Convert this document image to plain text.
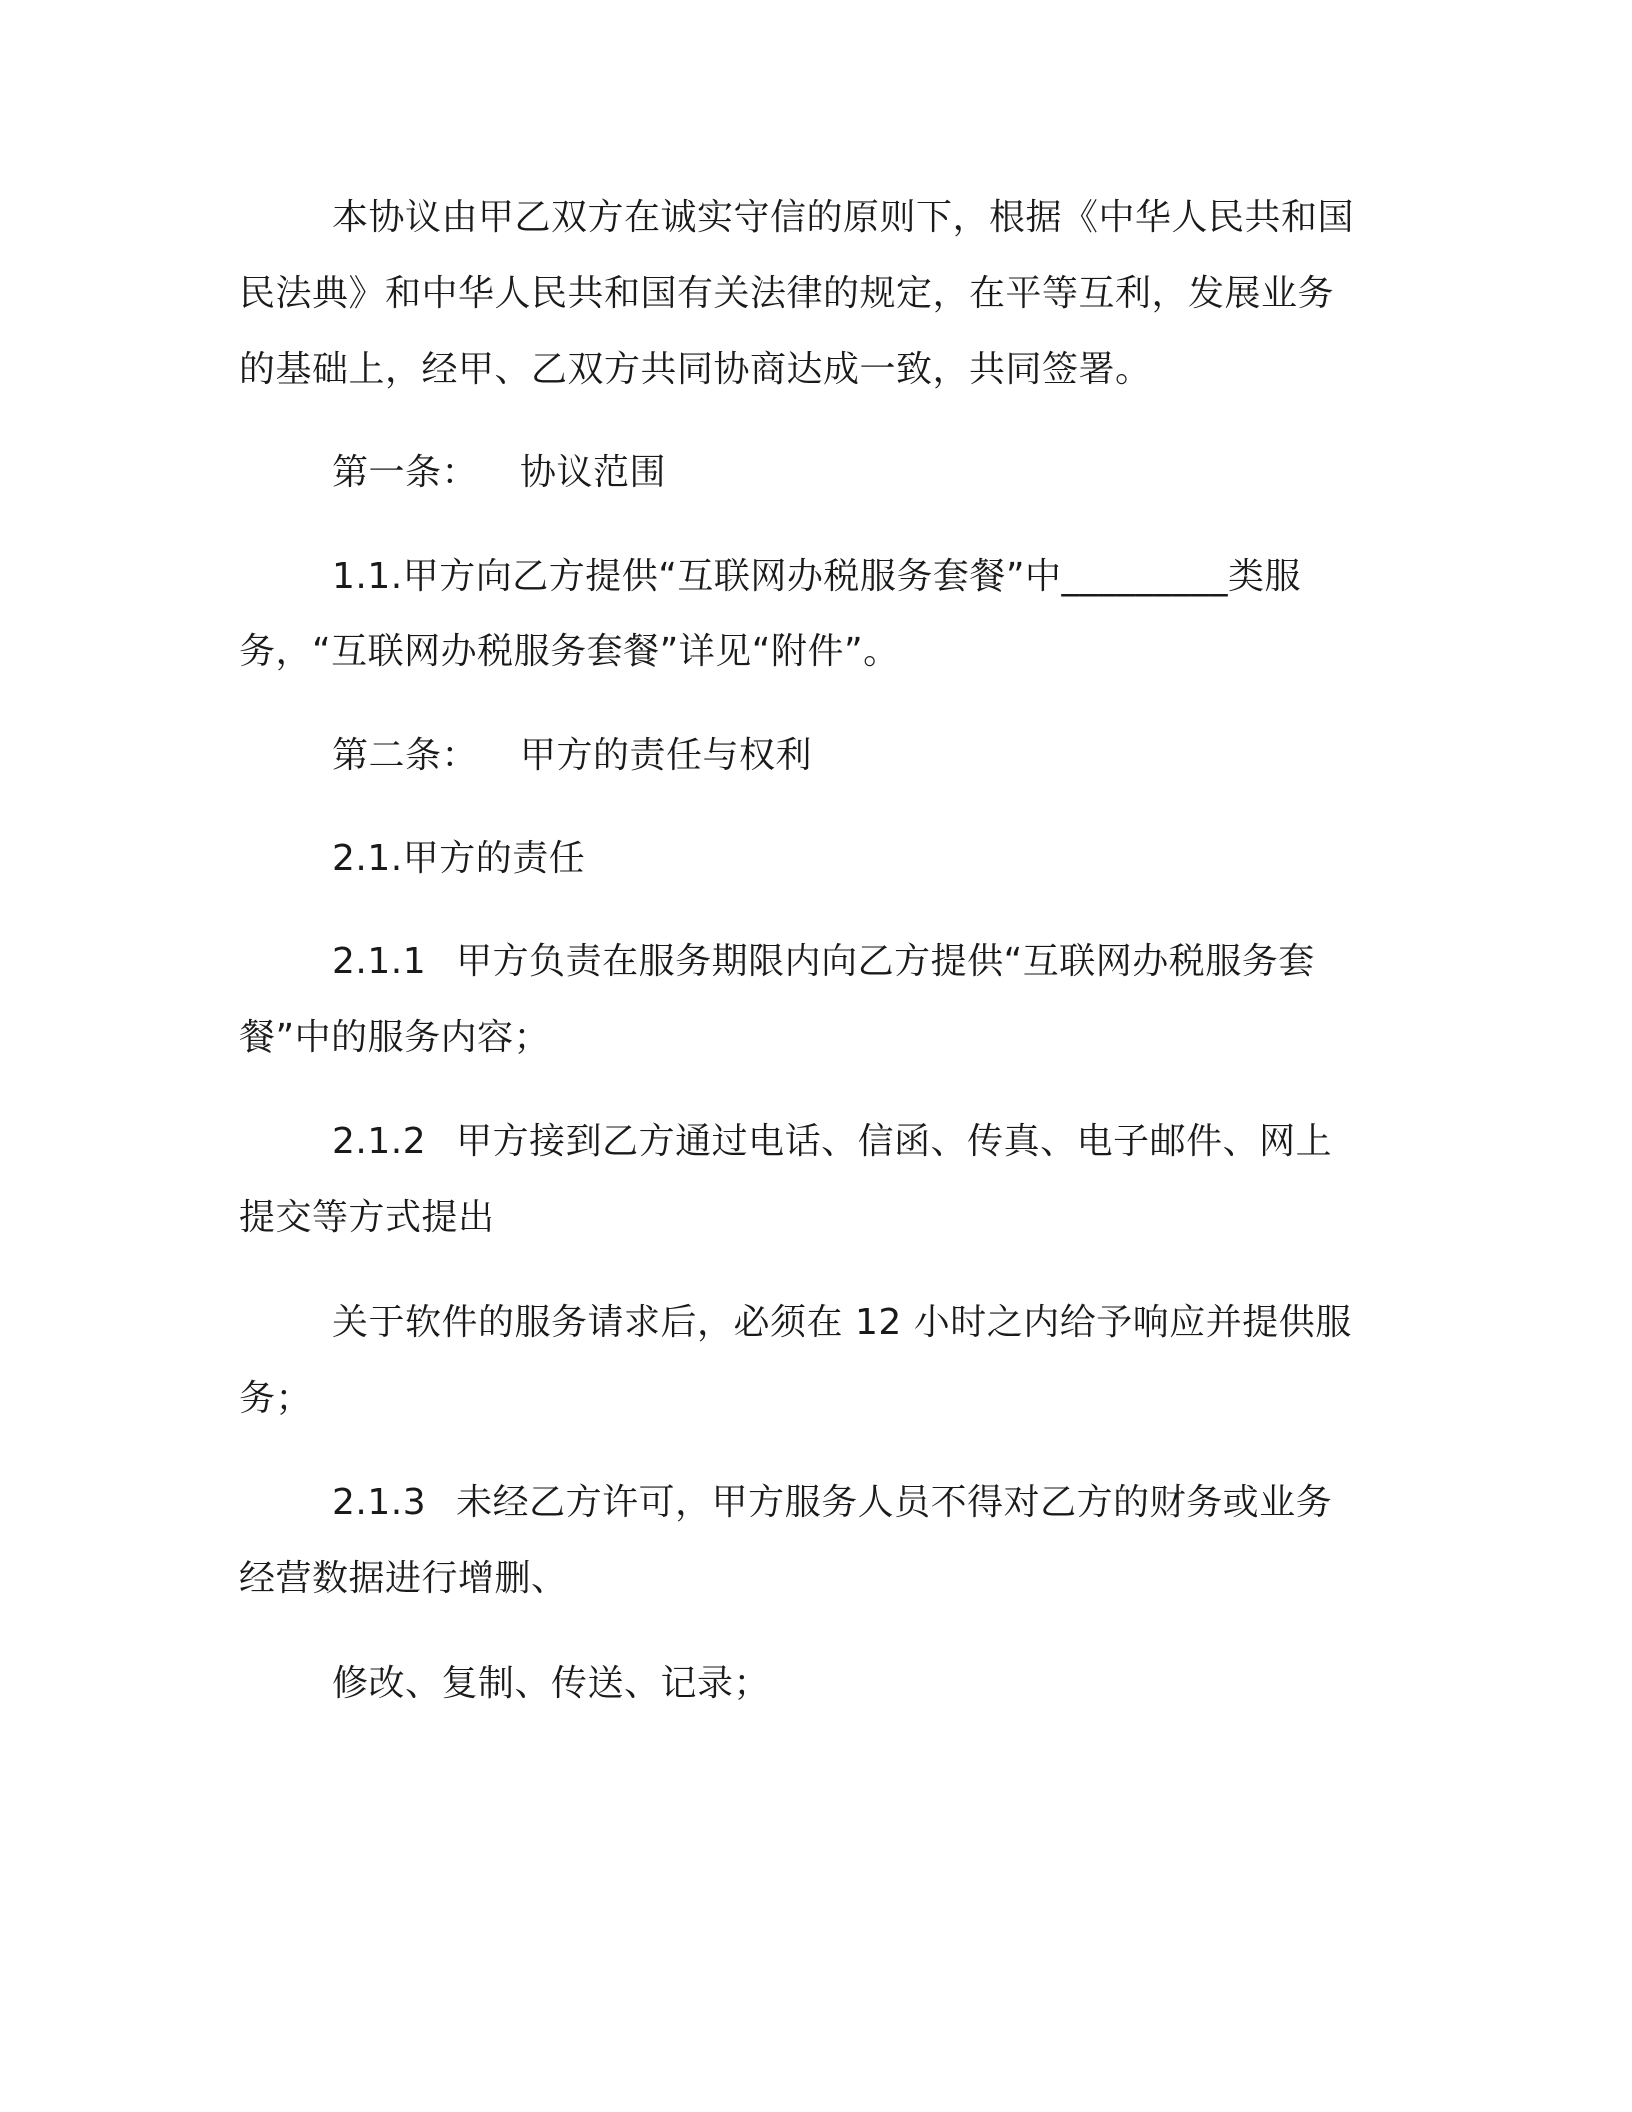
本协议由甲乙双方在诚实守信的原则下，根据《中华人民共和国

民法典》和中华人民共和国有关法律的规定，在平等互利，发展业务

的基础上，经甲、乙双方共同协商达成一致，共同签署。

第一条： 协议范围

1.1.甲方向乙方提供“互联网办税服务套餐”中_________类服

务，“互联网办税服务套餐”详见“附件”。

第二条： 甲方的责任与权利

2.1.甲方的责任

2.1.1 甲方负责在服务期限内向乙方提供“互联网办税服务套

餐”中的服务内容；

2.1.2 甲方接到乙方通过电话、信函、传真、电子邮件、网上

提交等方式提出

关于软件的服务请求后，必须在 12 小时之内给予响应并提供服

务；

2.1.3 未经乙方许可，甲方服务人员不得对乙方的财务或业务

经营数据进行增删、

修改、复制、传送、记录；
